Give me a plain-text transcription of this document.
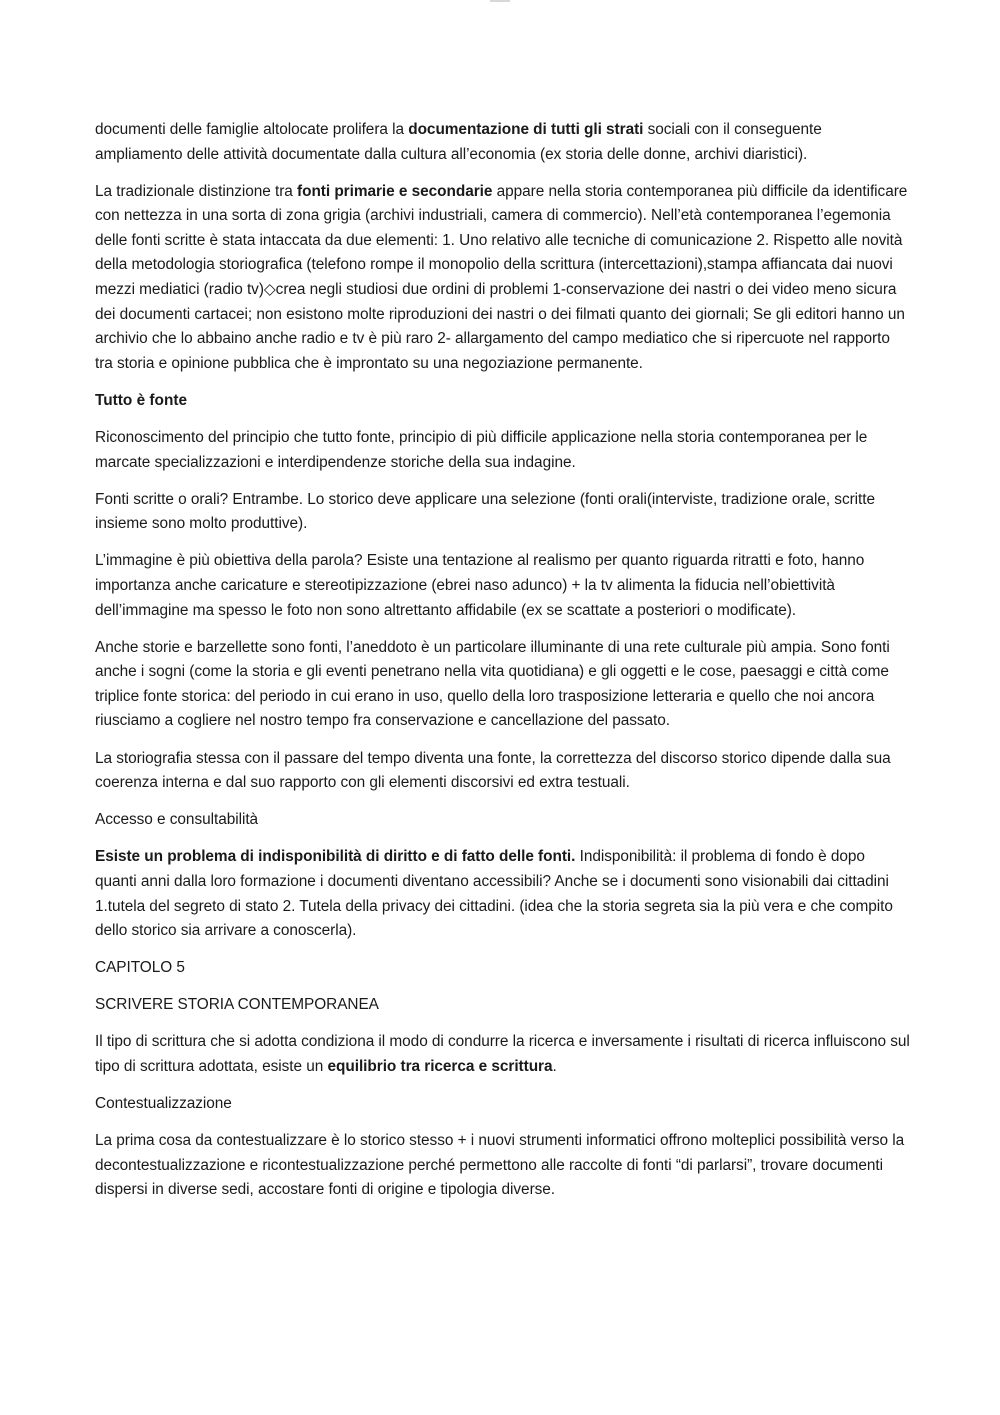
documenti delle famiglie altolocate prolifera la documentazione di tutti gli strati sociali con il conseguente ampliamento delle attività documentate dalla cultura all’economia (ex storia delle donne, archivi diaristici).

La tradizionale distinzione tra fonti primarie e secondarie appare nella storia contemporanea più difficile da identificare con nettezza in una sorta di zona grigia (archivi industriali, camera di commercio). Nell’età contemporanea l’egemonia delle fonti scritte è stata intaccata da due elementi: 1. Uno relativo alle tecniche di comunicazione 2. Rispetto alle novità della metodologia storiografica (telefono rompe il monopolio della scrittura (intercettazioni),stampa affiancata dai nuovi mezzi mediatici (radio tv)◇crea negli studiosi due ordini di problemi 1-conservazione dei nastri o dei video meno sicura dei documenti cartacei; non esistono molte riproduzioni dei nastri o dei filmati quanto dei giornali; Se gli editori hanno un archivio che lo abbaino anche radio e tv è più raro 2- allargamento del campo mediatico che si ripercuote nel rapporto tra storia e opinione pubblica che è improntato su una negoziazione permanente.

Tutto è fonte

Riconoscimento del principio che tutto fonte, principio di più difficile applicazione nella storia contemporanea per le marcate specializzazioni e interdipendenze storiche della sua indagine.

Fonti scritte o orali? Entrambe. Lo storico deve applicare una selezione (fonti orali(interviste, tradizione orale, scritte insieme sono molto produttive).

L’immagine è più obiettiva della parola? Esiste una tentazione al realismo per quanto riguarda ritratti e foto, hanno importanza anche caricature e stereotipizzazione (ebrei naso adunco) + la tv alimenta la fiducia nell’obiettività dell’immagine ma spesso le foto non sono altrettanto affidabile (ex se scattate a posteriori o modificate).

Anche storie e barzellette sono fonti, l’aneddoto è un particolare illuminante di una rete culturale più ampia. Sono fonti anche i sogni (come la storia e gli eventi penetrano nella vita quotidiana) e gli oggetti e le cose, paesaggi e città come triplice fonte storica: del periodo in cui erano in uso, quello della loro trasposizione letteraria e quello che noi ancora riusciamo a cogliere nel nostro tempo fra conservazione e cancellazione del passato.

La storiografia stessa con il passare del tempo diventa una fonte, la correttezza del discorso storico dipende dalla sua coerenza interna e dal suo rapporto con gli elementi discorsivi ed extra testuali.

Accesso e consultabilità

Esiste un problema di indisponibilità di diritto e di fatto delle fonti. Indisponibilità: il problema di fondo è dopo quanti anni dalla loro formazione i documenti diventano accessibili? Anche se i documenti sono visionabili dai cittadini 1.tutela del segreto di stato 2. Tutela della privacy dei cittadini. (idea che la storia segreta sia la più vera e che compito dello storico sia arrivare a conoscerla).

CAPITOLO 5

SCRIVERE STORIA CONTEMPORANEA

Il tipo di scrittura che si adotta condiziona il modo di condurre la ricerca e inversamente i risultati di ricerca influiscono sul tipo di scrittura adottata, esiste un equilibrio tra ricerca e scrittura.

Contestualizzazione

La prima cosa da contestualizzare è lo storico stesso + i nuovi strumenti informatici offrono molteplici possibilità verso la decontestualizzazione e ricontestualizzazione perché permettono alle raccolte di fonti “di parlarsi”, trovare documenti dispersi in diverse sedi, accostare fonti di origine e tipologia diverse.
